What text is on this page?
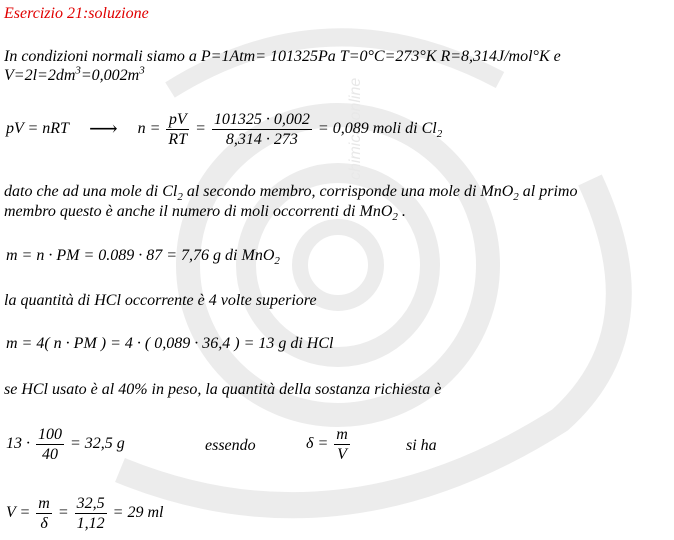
chimica-online
Esercizio 21:soluzione
In condizioni normali siamo a P=1Atm= 101325Pa T=0°C=273°K R=8,314J/mol°K e
$V=2l=2dm^3=0,002m^3$
pV = nRT ⟶ $n = \frac{pV}{RT} = \frac{101325 \cdot 0,002}{8,314 \cdot 273} = 0,089$ moli di $Cl_2$
dato che ad una mole di $Cl_2$ al secondo membro, corrisponde una mole di MnO$_2$ al primo
membro questo è anche il numero di moli occorrenti di MnO$_2$ .
m = n · PM = 0.089 · 87 = 7,76 g di MnO$_2$
la quantità di HCl occorrente è 4 volte superiore
m = 4( n · PM ) = 4 · ( 0,089 · 36,4 ) = 13 g di HCl
se HCl usato è al 40% in peso, la quantità della sostanza richiesta è
$13 \cdot \frac{100}{40} = 32,5$ g	essendo	$\delta = \frac{m}{V}$	si ha
$V = \frac{m}{\delta} = \frac{32,5}{1,12} = 29$ ml
